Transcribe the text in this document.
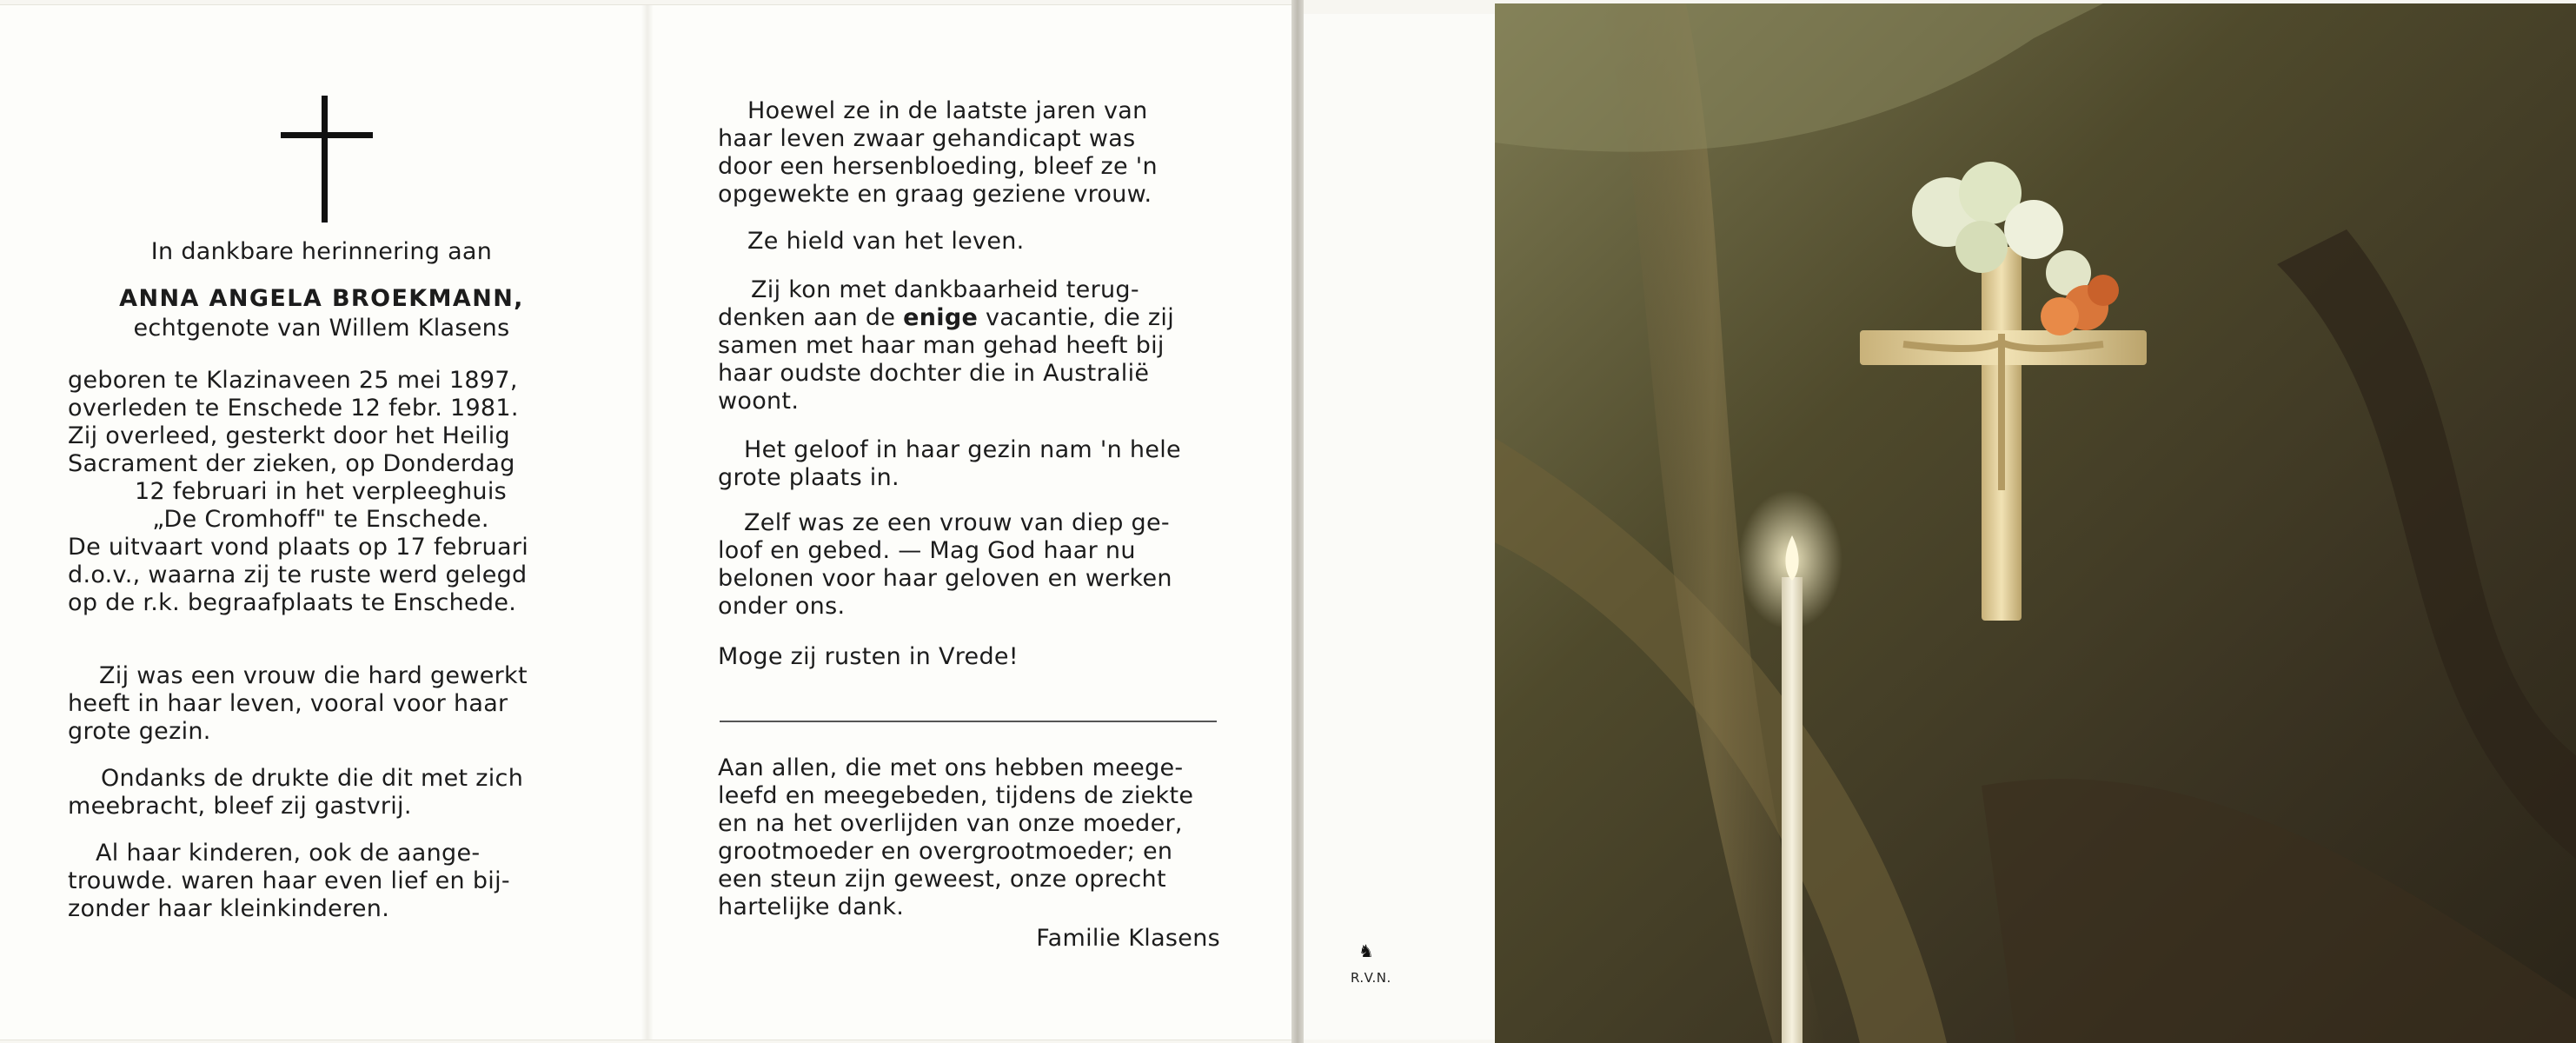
In dankbare herinnering aan

ANNA ANGELA BROEKMANN,

echtgenote van Willem Klasens

geboren te Klazinaveen 25 mei 1897,

overleden te Enschede 12 febr. 1981.

Zij overleed, gesterkt door het Heilig

Sacrament der zieken, op Donderdag

12 februari in het verpleeghuis

„De Cromhoff" te Enschede.

De uitvaart vond plaats op 17 februari

d.o.v., waarna zij te ruste werd gelegd

op de r.k. begraafplaats te Enschede.

Zij was een vrouw die hard gewerkt

heeft in haar leven, vooral voor haar

grote gezin.

Ondanks de drukte die dit met zich

meebracht, bleef zij gastvrij.

Al haar kinderen, ook de aange-

trouwde. waren haar even lief en bij-

zonder haar kleinkinderen.

Hoewel ze in de laatste jaren van

haar leven zwaar gehandicapt was

door een hersenbloeding, bleef ze 'n

opgewekte en graag geziene vrouw.

Ze hield van het leven.

Zij kon met dankbaarheid terug-

denken aan de enige vacantie, die zij

samen met haar man gehad heeft bij

haar oudste dochter die in Australië

woont.

Het geloof in haar gezin nam 'n hele

grote plaats in.

Zelf was ze een vrouw van diep ge-

loof en gebed. — Mag God haar nu

belonen voor haar geloven en werken

onder ons.

Moge zij rusten in Vrede!

Aan allen, die met ons hebben meege-

leefd en meegebeden, tijdens de ziekte

en na het overlijden van onze moeder,

grootmoeder en overgrootmoeder; en

een steun zijn geweest, onze oprecht

hartelijke dank.

Familie Klasens	♞
R.V.N.
